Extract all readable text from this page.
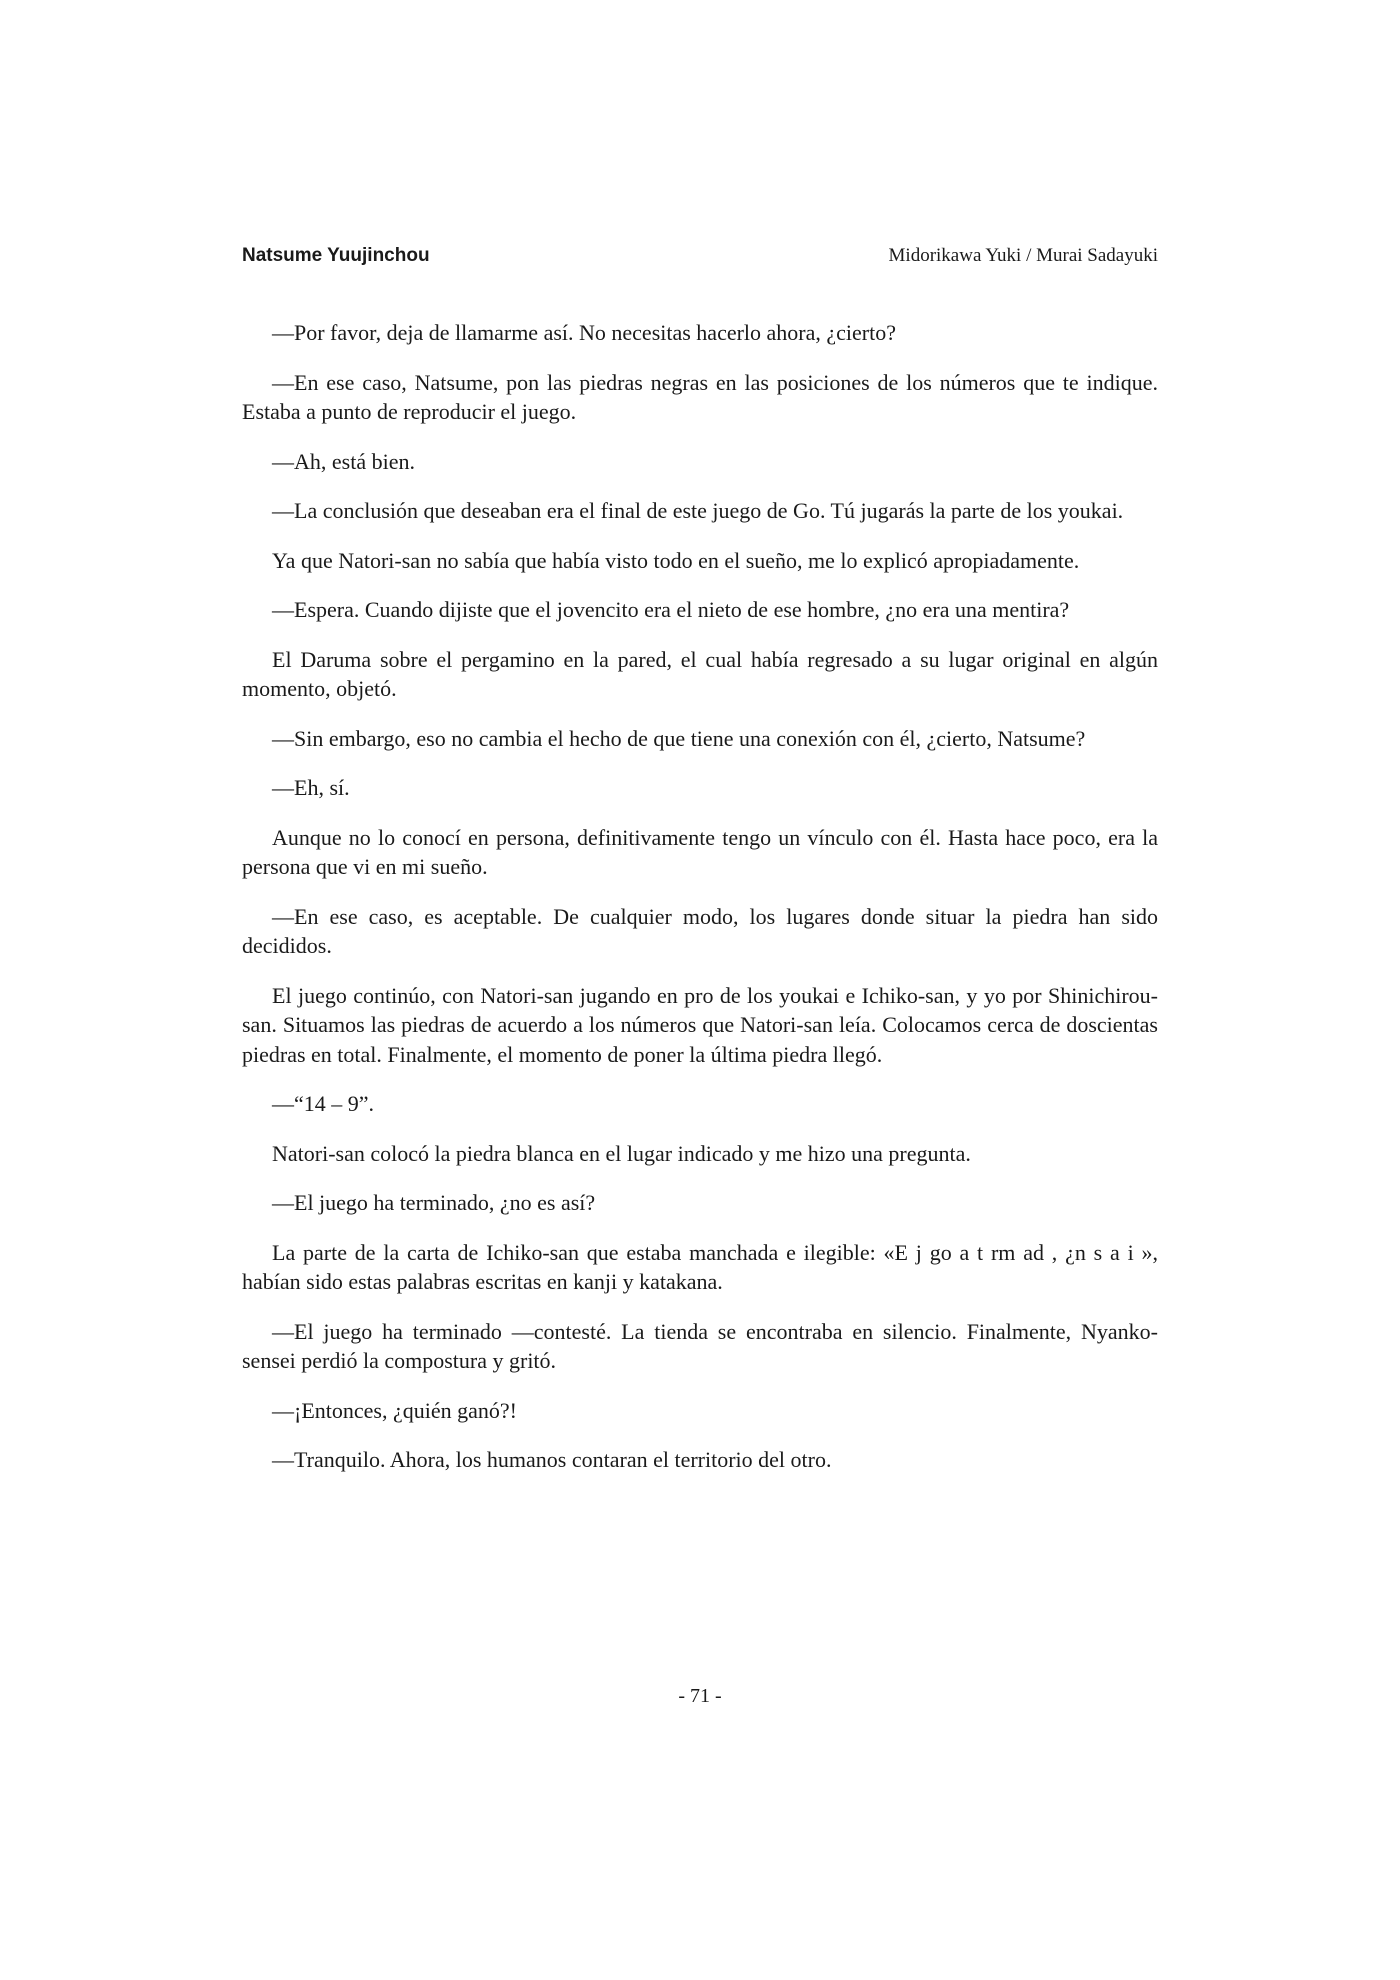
Natsume Yuujinchou	Midorikawa Yuki / Murai Sadayuki

—Por favor, deja de llamarme así. No necesitas hacerlo ahora, ¿cierto?

—En ese caso, Natsume, pon las piedras negras en las posiciones de los números que te indique. Estaba a punto de reproducir el juego.

—Ah, está bien.

—La conclusión que deseaban era el final de este juego de Go. Tú jugarás la parte de los youkai.

Ya que Natori-san no sabía que había visto todo en el sueño, me lo explicó apropiadamente.

—Espera. Cuando dijiste que el jovencito era el nieto de ese hombre, ¿no era una mentira?

El Daruma sobre el pergamino en la pared, el cual había regresado a su lugar original en algún momento, objetó.

—Sin embargo, eso no cambia el hecho de que tiene una conexión con él, ¿cierto, Natsume?

—Eh, sí.

Aunque no lo conocí en persona, definitivamente tengo un vínculo con él. Hasta hace poco, era la persona que vi en mi sueño.

—En ese caso, es aceptable. De cualquier modo, los lugares donde situar la piedra han sido decididos.

El juego continúo, con Natori-san jugando en pro de los youkai e Ichiko-san, y yo por Shinichirou-san. Situamos las piedras de acuerdo a los números que Natori-san leía. Colocamos cerca de doscientas piedras en total. Finalmente, el momento de poner la última piedra llegó.

—“14 – 9”.

Natori-san colocó la piedra blanca en el lugar indicado y me hizo una pregunta.

—El juego ha terminado, ¿no es así?

La parte de la carta de Ichiko-san que estaba manchada e ilegible: «E j go a t rm ad , ¿n s a i », habían sido estas palabras escritas en kanji y katakana.

—El juego ha terminado —contesté. La tienda se encontraba en silencio. Finalmente, Nyanko-sensei perdió la compostura y gritó.

—¡Entonces, ¿quién ganó?!

—Tranquilo. Ahora, los humanos contaran el territorio del otro.

- 71 -
